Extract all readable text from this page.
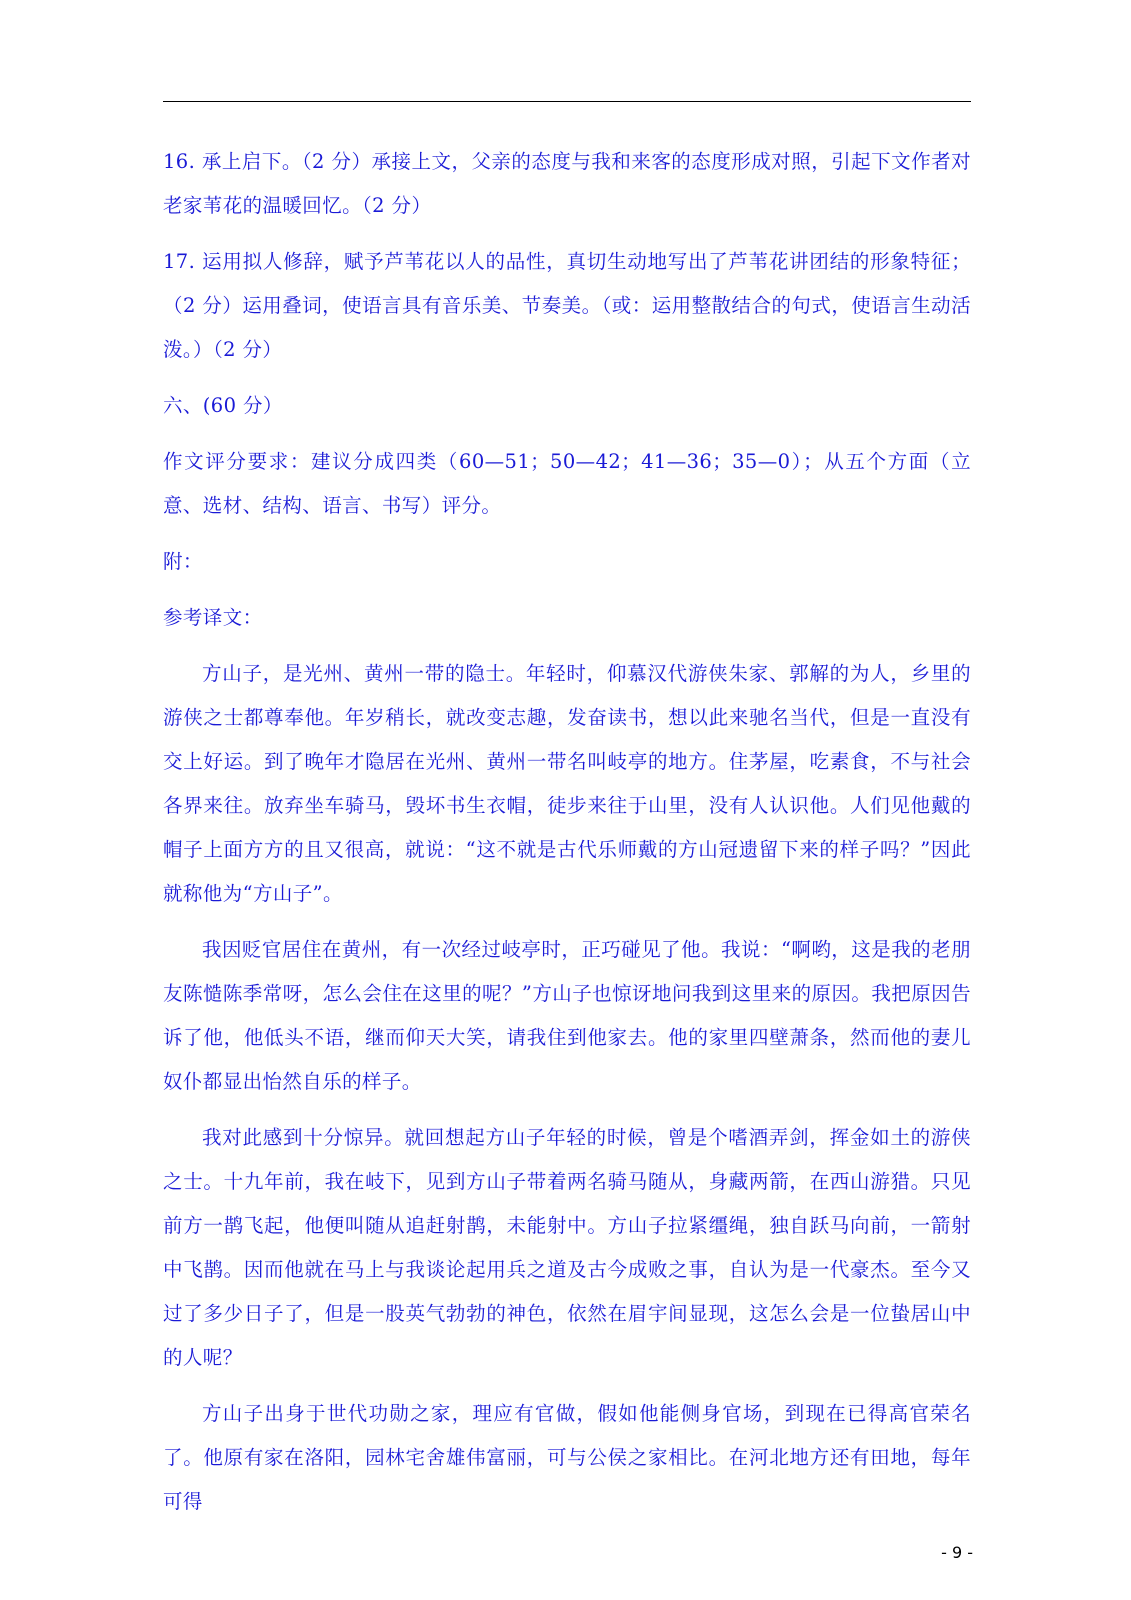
16. 承上启下。（2 分）承接上文，父亲的态度与我和来客的态度形成对照，引起下文作者对老家苇花的温暖回忆。（2 分）

17. 运用拟人修辞，赋予芦苇花以人的品性，真切生动地写出了芦苇花讲团结的形象特征；（2 分）运用叠词，使语言具有音乐美、节奏美。（或：运用整散结合的句式，使语言生动活泼。）（2 分）

六、(60 分）

作文评分要求：建议分成四类（60—51；50—42；41—36；35—0）；从五个方面（立意、选材、结构、语言、书写）评分。

附：

参考译文：

方山子，是光州、黄州一带的隐士。年轻时，仰慕汉代游侠朱家、郭解的为人，乡里的游侠之士都尊奉他。年岁稍长，就改变志趣，发奋读书，想以此来驰名当代，但是一直没有交上好运。到了晚年才隐居在光州、黄州一带名叫岐亭的地方。住茅屋，吃素食，不与社会各界来往。放弃坐车骑马，毁坏书生衣帽，徒步来往于山里，没有人认识他。人们见他戴的帽子上面方方的且又很高，就说：“这不就是古代乐师戴的方山冠遗留下来的样子吗？”因此就称他为“方山子”。

我因贬官居住在黄州，有一次经过岐亭时，正巧碰见了他。我说：“啊哟，这是我的老朋友陈慥陈季常呀，怎么会住在这里的呢？”方山子也惊讶地问我到这里来的原因。我把原因告诉了他，他低头不语，继而仰天大笑，请我住到他家去。他的家里四壁萧条，然而他的妻儿奴仆都显出怡然自乐的样子。

我对此感到十分惊异。就回想起方山子年轻的时候，曾是个嗜酒弄剑，挥金如土的游侠之士。十九年前，我在岐下，见到方山子带着两名骑马随从，身藏两箭，在西山游猎。只见前方一鹊飞起，他便叫随从追赶射鹊，未能射中。方山子拉紧缰绳，独自跃马向前，一箭射中飞鹊。因而他就在马上与我谈论起用兵之道及古今成败之事，自认为是一代豪杰。至今又过了多少日子了，但是一股英气勃勃的神色，依然在眉宇间显现，这怎么会是一位蛰居山中的人呢？

方山子出身于世代功勋之家，理应有官做，假如他能侧身官场，到现在已得高官荣名了。他原有家在洛阳，园林宅舍雄伟富丽，可与公侯之家相比。在河北地方还有田地，每年可得

- 9 -
